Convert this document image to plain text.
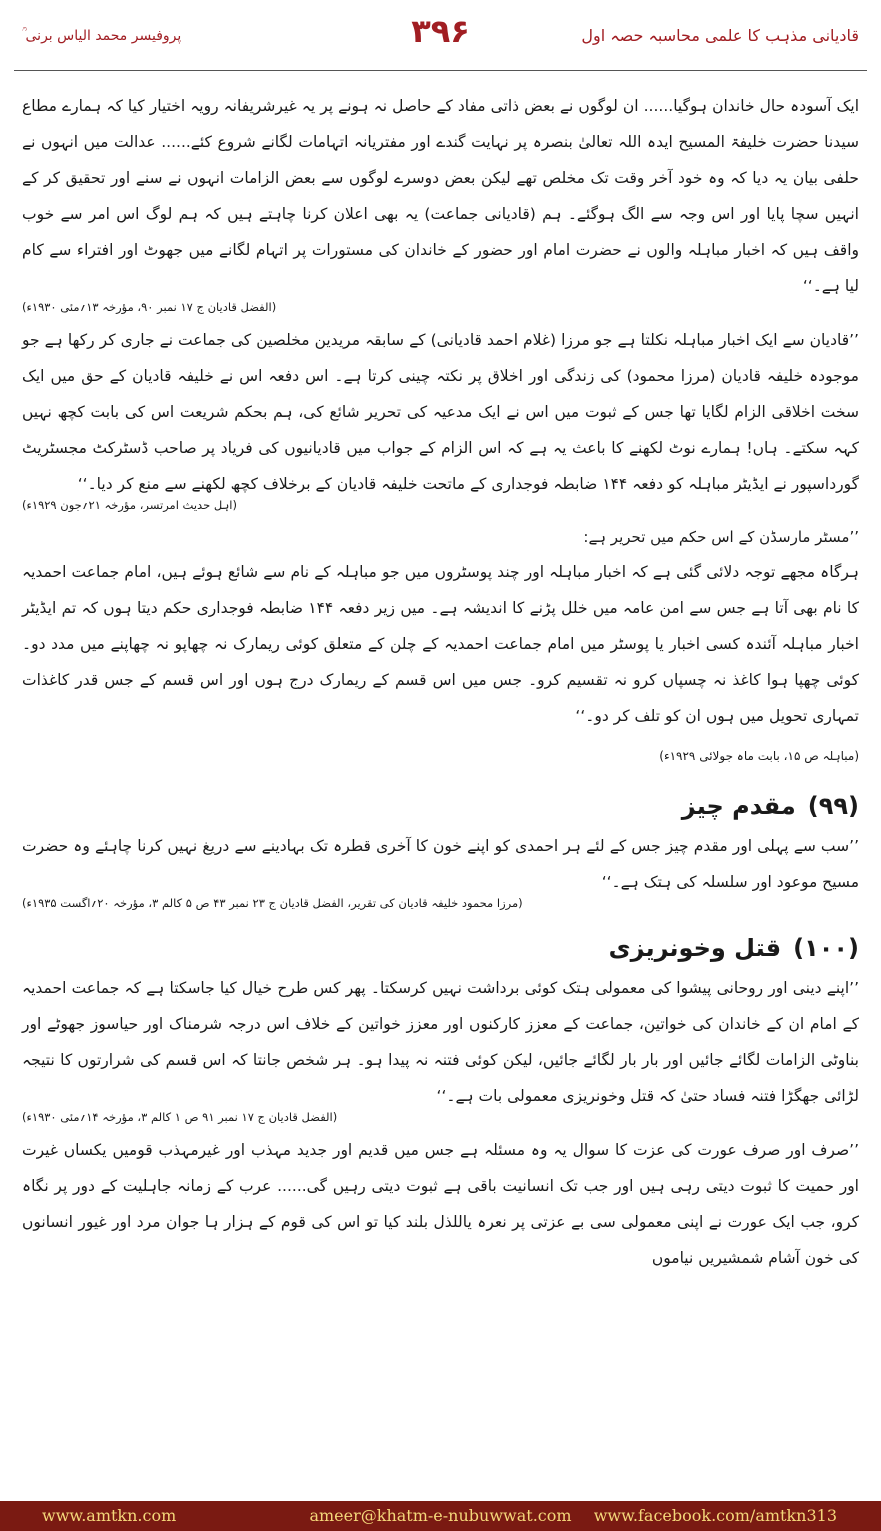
قادیانی مذہب کا علمی محاسبہ حصہ اول
۳۹۶
پروفیسر محمد الیاس برنی ؒ

ایک آسودہ حال خاندان ہوگیا...... ان لوگوں نے بعض ذاتی مفاد کے حاصل نہ ہونے پر یہ غیرشریفانہ رویہ اختیار کیا کہ ہمارے مطاع سیدنا حضرت خلیفۃ المسیح ایدہ اللہ تعالیٰ بنصرہ پر نہایت گندے اور مفتریانہ اتہامات لگانے شروع کئے...... عدالت میں انہوں نے حلفی بیان یہ دیا کہ وہ خود آخر وقت تک مخلص تھے لیکن بعض دوسرے لوگوں سے بعض الزامات انہوں نے سنے اور تحقیق کر کے انہیں سچا پایا اور اس وجہ سے الگ ہوگئے۔ ہم (قادیانی جماعت) یہ بھی اعلان کرنا چاہتے ہیں کہ ہم لوگ اس امر سے خوب واقف ہیں کہ اخبار مباہلہ والوں نے حضرت امام اور حضور کے خاندان کی مستورات پر اتہام لگانے میں جھوٹ اور افتراء سے کام لیا ہے۔‘‘

(الفضل قادیان ج ۱۷ نمبر ۹۰، مؤرخہ ۱۳؍مئی ۱۹۳۰ء)

’’قادیان سے ایک اخبار مباہلہ نکلتا ہے جو مرزا (غلام احمد قادیانی) کے سابقہ مریدین مخلصین کی جماعت نے جاری کر رکھا ہے جو موجودہ خلیفہ قادیان (مرزا محمود) کی زندگی اور اخلاق پر نکتہ چینی کرتا ہے۔ اس دفعہ اس نے خلیفہ قادیان کے حق میں ایک سخت اخلاقی الزام لگایا تھا جس کے ثبوت میں اس نے ایک مدعیہ کی تحریر شائع کی، ہم بحکم شریعت اس کی بابت کچھ نہیں کہہ سکتے۔ ہاں! ہمارے نوٹ لکھنے کا باعث یہ ہے کہ اس الزام کے جواب میں قادیانیوں کی فریاد پر صاحب ڈسٹرکٹ مجسٹریٹ گورداسپور نے ایڈیٹر مباہلہ کو دفعہ ۱۴۴ ضابطہ فوجداری کے ماتحت خلیفہ قادیان کے برخلاف کچھ لکھنے سے منع کر دیا۔‘‘

(اہل حدیث امرتسر، مؤرخہ ۲۱؍جون ۱۹۲۹ء)

’’مسٹر مارسڈن کے اس حکم میں تحریر ہے:

ہرگاہ مجھے توجہ دلائی گئی ہے کہ اخبار مباہلہ اور چند پوسٹروں میں جو مباہلہ کے نام سے شائع ہوئے ہیں، امام جماعت احمدیہ کا نام بھی آتا ہے جس سے امن عامہ میں خلل پڑنے کا اندیشہ ہے۔ میں زیر دفعہ ۱۴۴ ضابطہ فوجداری حکم دیتا ہوں کہ تم ایڈیٹر اخبار مباہلہ آئندہ کسی اخبار یا پوسٹر میں امام جماعت احمدیہ کے چلن کے متعلق کوئی ریمارک نہ چھاپو نہ چھاپنے میں مدد دو۔ کوئی چھپا ہوا کاغذ نہ چسپاں کرو نہ تقسیم کرو۔ جس میں اس قسم کے ریمارک درج ہوں اور اس قسم کے جس قدر کاغذات تمہاری تحویل میں ہوں ان کو تلف کر دو۔‘‘

(مباہلہ ص ۱۵، بابت ماہ جولائی ۱۹۲۹ء)
(۹۹)مقدم چیز

’’سب سے پہلی اور مقدم چیز جس کے لئے ہر احمدی کو اپنے خون کا آخری قطرہ تک بہادینے سے دریغ نہیں کرنا چاہئے وہ حضرت مسیح موعود اور سلسلہ کی ہتک ہے۔‘‘

(مرزا محمود خلیفہ قادیان کی تقریر، الفضل قادیان ج ۲۳ نمبر ۴۳ ص ۵ کالم ۳، مؤرخہ ۲۰؍اگست ۱۹۳۵ء)
(۱۰۰)قتل وخونریزی

’’اپنے دینی اور روحانی پیشوا کی معمولی ہتک کوئی برداشت نہیں کرسکتا۔ پھر کس طرح خیال کیا جاسکتا ہے کہ جماعت احمدیہ کے امام ان کے خاندان کی خواتین، جماعت کے معزز کارکنوں اور معزز خواتین کے خلاف اس درجہ شرمناک اور حیاسوز جھوٹے اور بناوٹی الزامات لگائے جائیں اور بار بار لگائے جائیں، لیکن کوئی فتنہ نہ پیدا ہو۔ ہر شخص جانتا کہ اس قسم کی شرارتوں کا نتیجہ لڑائی جھگڑا فتنہ فساد حتیٰ کہ قتل وخونریزی معمولی بات ہے۔‘‘

(الفضل قادیان ج ۱۷ نمبر ۹۱ ص ۱ کالم ۳، مؤرخہ ۱۴؍مئی ۱۹۳۰ء)

’’صرف اور صرف عورت کی عزت کا سوال یہ وہ مسئلہ ہے جس میں قدیم اور جدید مہذب اور غیرمہذب قومیں یکساں غیرت اور حمیت کا ثبوت دیتی رہی ہیں اور جب تک انسانیت باقی ہے ثبوت دیتی رہیں گی...... عرب کے زمانہ جاہلیت کے دور پر نگاہ کرو، جب ایک عورت نے اپنی معمولی سی بے عزتی پر نعرہ یاللذل بلند کیا تو اس کی قوم کے ہزار ہا جوان مرد اور غیور انسانوں کی خون آشام شمشیریں نیاموں

www.amtkn.com	ameer@khatm-e-nubuwwat.com	www.facebook.com/amtkn313
